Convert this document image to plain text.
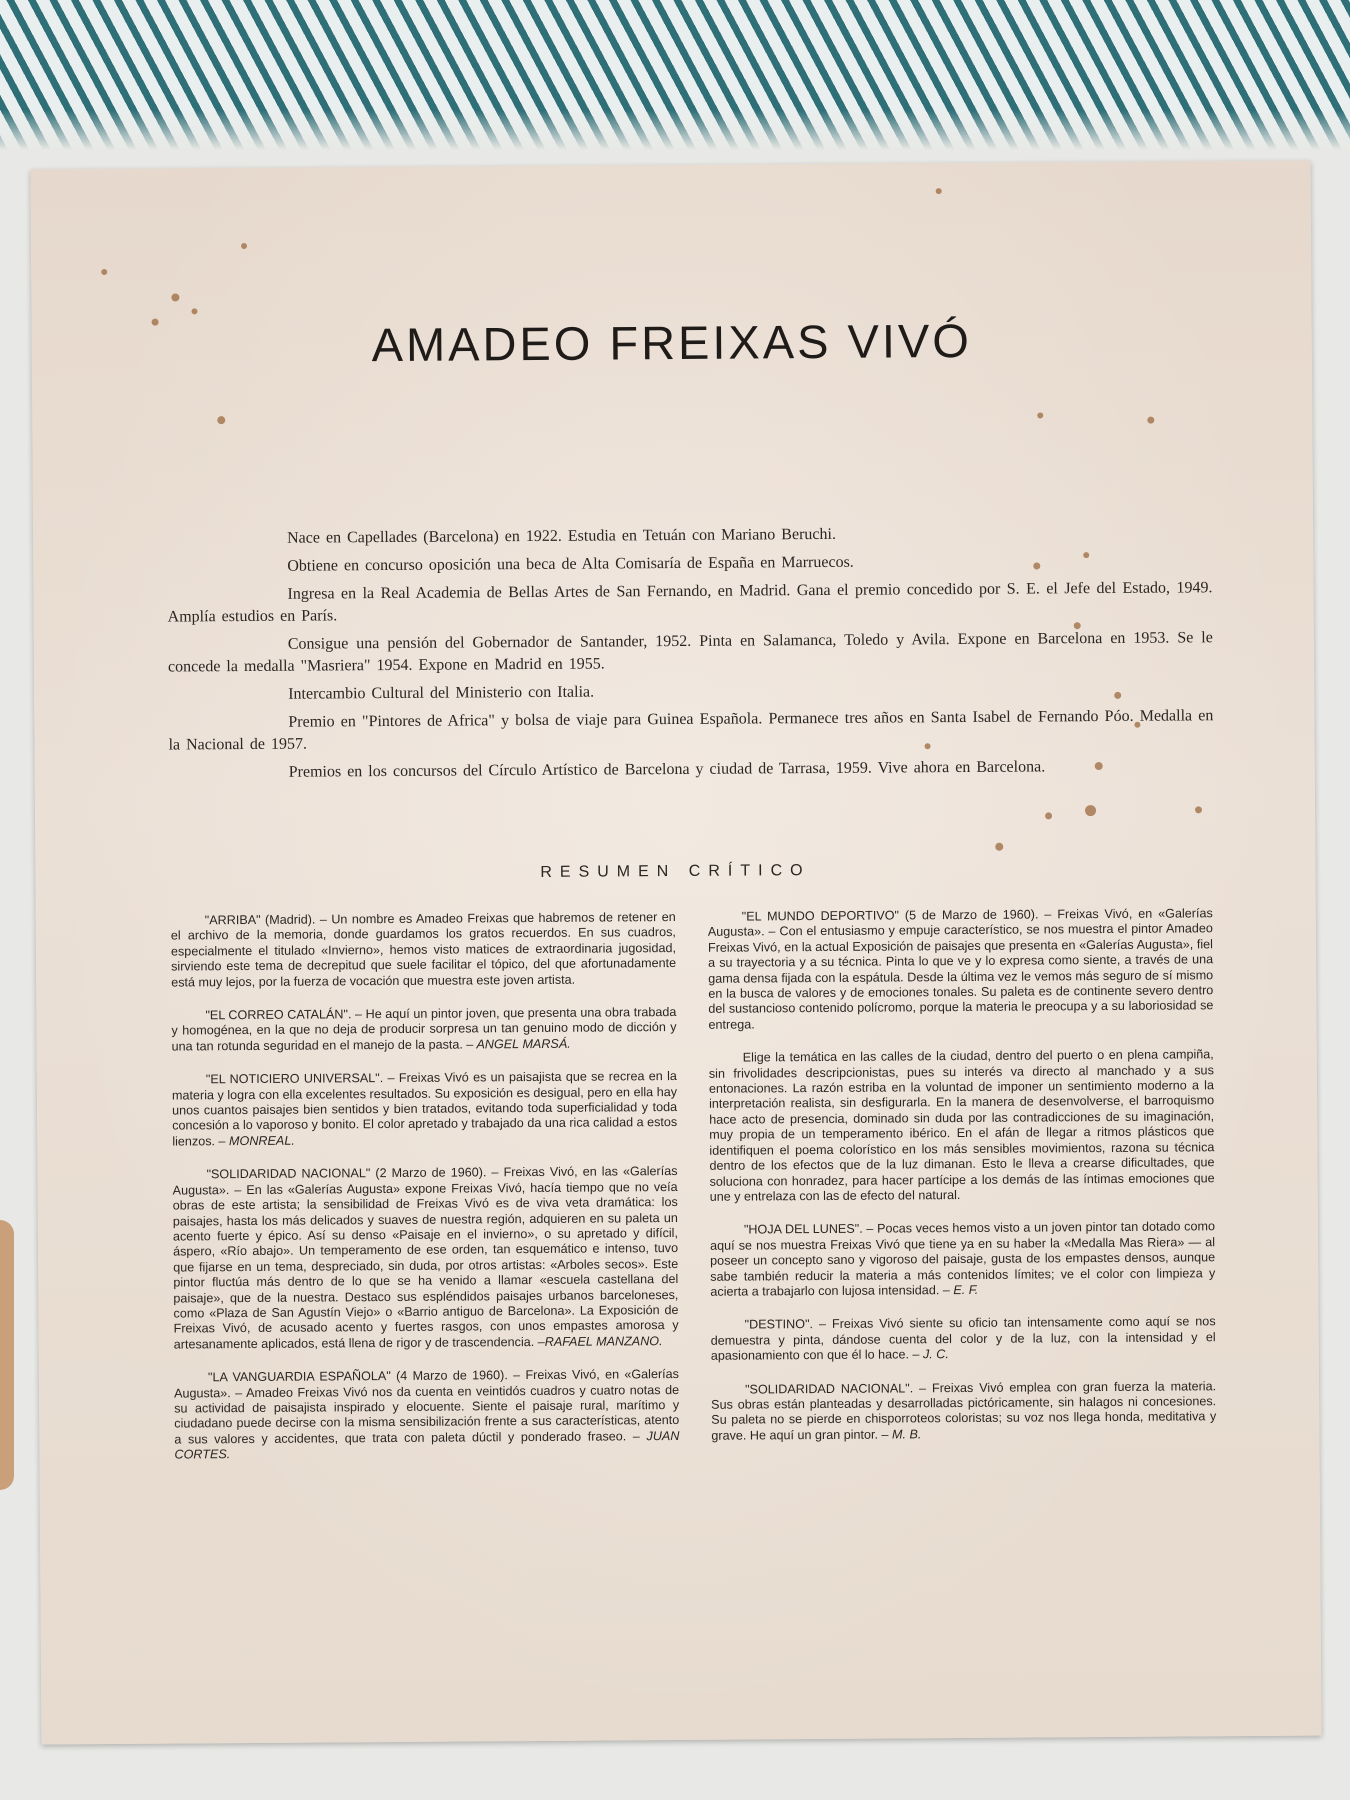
AMADEO FREIXAS VIVÓ

Nace en Capellades (Barcelona) en 1922. Estudia en Tetuán con Mariano Beruchi.

Obtiene en concurso oposición una beca de Alta Comisaría de España en Marruecos.

Ingresa en la Real Academia de Bellas Artes de San Fernando, en Madrid. Gana el premio concedido por S. E. el Jefe del Estado, 1949. Amplía estudios en París.

Consigue una pensión del Gobernador de Santander, 1952. Pinta en Salamanca, Toledo y Avila. Expone en Barcelona en 1953. Se le concede la medalla "Masriera" 1954. Expone en Madrid en 1955.

Intercambio Cultural del Ministerio con Italia.

Premio en "Pintores de Africa" y bolsa de viaje para Guinea Española. Permanece tres años en Santa Isabel de Fernando Póo. Medalla en la Nacional de 1957.

Premios en los concursos del Círculo Artístico de Barcelona y ciudad de Tarrasa, 1959. Vive ahora en Barcelona.

RESUMEN CRÍTICO

"ARRIBA" (Madrid). – Un nombre es Amadeo Freixas que habremos de retener en el archivo de la memoria, donde guardamos los gratos recuerdos. En sus cuadros, especialmente el titulado «Invierno», hemos visto matices de extraordinaria jugosidad, sirviendo este tema de decrepitud que suele facilitar el tópico, del que afortunadamente está muy lejos, por la fuerza de vocación que muestra este joven artista.

"EL CORREO CATALÁN". – He aquí un pintor joven, que presenta una obra trabada y homogénea, en la que no deja de producir sorpresa un tan genuino modo de dicción y una tan rotunda seguridad en el manejo de la pasta. – ANGEL MARSÁ.

"EL NOTICIERO UNIVERSAL". – Freixas Vivó es un paisajista que se recrea en la materia y logra con ella excelentes resultados. Su exposición es desigual, pero en ella hay unos cuantos paisajes bien sentidos y bien tratados, evitando toda superficialidad y toda concesión a lo vaporoso y bonito. El color apretado y trabajado da una rica calidad a estos lienzos. – MONREAL.

"SOLIDARIDAD NACIONAL" (2 Marzo de 1960). – Freixas Vivó, en las «Galerías Augusta». – En las «Galerías Augusta» expone Freixas Vivó, hacía tiempo que no veía obras de este artista; la sensibilidad de Freixas Vivó es de viva veta dramática: los paisajes, hasta los más delicados y suaves de nuestra región, adquieren en su paleta un acento fuerte y épico. Así su denso «Paisaje en el invierno», o su apretado y difícil, áspero, «Río abajo». Un temperamento de ese orden, tan esquemático e intenso, tuvo que fijarse en un tema, despreciado, sin duda, por otros artistas: «Arboles secos». Este pintor fluctúa más dentro de lo que se ha venido a llamar «escuela castellana del paisaje», que de la nuestra. Destaco sus espléndidos paisajes urbanos barceloneses, como «Plaza de San Agustín Viejo» o «Barrio antiguo de Barcelona». La Exposición de Freixas Vivó, de acusado acento y fuertes rasgos, con unos empastes amorosa y artesanamente aplicados, está llena de rigor y de trascendencia. –RAFAEL MANZANO.

"LA VANGUARDIA ESPAÑOLA" (4 Marzo de 1960). – Freixas Vivó, en «Galerías Augusta». – Amadeo Freixas Vivó nos da cuenta en veintidós cuadros y cuatro notas de su actividad de paisajista inspirado y elocuente. Siente el paisaje rural, marítimo y ciudadano puede decirse con la misma sensibilización frente a sus características, atento a sus valores y accidentes, que trata con paleta dúctil y ponderado fraseo. – JUAN CORTES.

"EL MUNDO DEPORTIVO" (5 de Marzo de 1960). – Freixas Vivó, en «Galerías Augusta». – Con el entusiasmo y empuje característico, se nos muestra el pintor Amadeo Freixas Vivó, en la actual Exposición de paisajes que presenta en «Galerías Augusta», fiel a su trayectoria y a su técnica. Pinta lo que ve y lo expresa como siente, a través de una gama densa fijada con la espátula. Desde la última vez le vemos más seguro de sí mismo en la busca de valores y de emociones tonales. Su paleta es de continente severo dentro del sustancioso contenido polícromo, porque la materia le preocupa y a su laboriosidad se entrega.

Elige la temática en las calles de la ciudad, dentro del puerto o en plena campiña, sin frivolidades descripcionistas, pues su interés va directo al manchado y a sus entonaciones. La razón estriba en la voluntad de imponer un sentimiento moderno a la interpretación realista, sin desfigurarla. En la manera de desenvolverse, el barroquismo hace acto de presencia, dominado sin duda por las contradicciones de su imaginación, muy propia de un temperamento ibérico. En el afán de llegar a ritmos plásticos que identifiquen el poema colorístico en los más sensibles movimientos, razona su técnica dentro de los efectos que de la luz dimanan. Esto le lleva a crearse dificultades, que soluciona con honradez, para hacer partícipe a los demás de las íntimas emociones que une y entrelaza con las de efecto del natural.

"HOJA DEL LUNES". – Pocas veces hemos visto a un joven pintor tan dotado como aquí se nos muestra Freixas Vivó que tiene ya en su haber la «Medalla Mas Riera» — al poseer un concepto sano y vigoroso del paisaje, gusta de los empastes densos, aunque sabe también reducir la materia a más contenidos límites; ve el color con limpieza y acierta a trabajarlo con lujosa intensidad. – E. F.

"DESTINO". – Freixas Vivó siente su oficio tan intensamente como aquí se nos demuestra y pinta, dándose cuenta del color y de la luz, con la intensidad y el apasionamiento con que él lo hace. – J. C.

"SOLIDARIDAD NACIONAL". – Freixas Vivó emplea con gran fuerza la materia. Sus obras están planteadas y desarrolladas pictóricamente, sin halagos ni concesiones. Su paleta no se pierde en chisporroteos coloristas; su voz nos llega honda, meditativa y grave. He aquí un gran pintor. – M. B.
